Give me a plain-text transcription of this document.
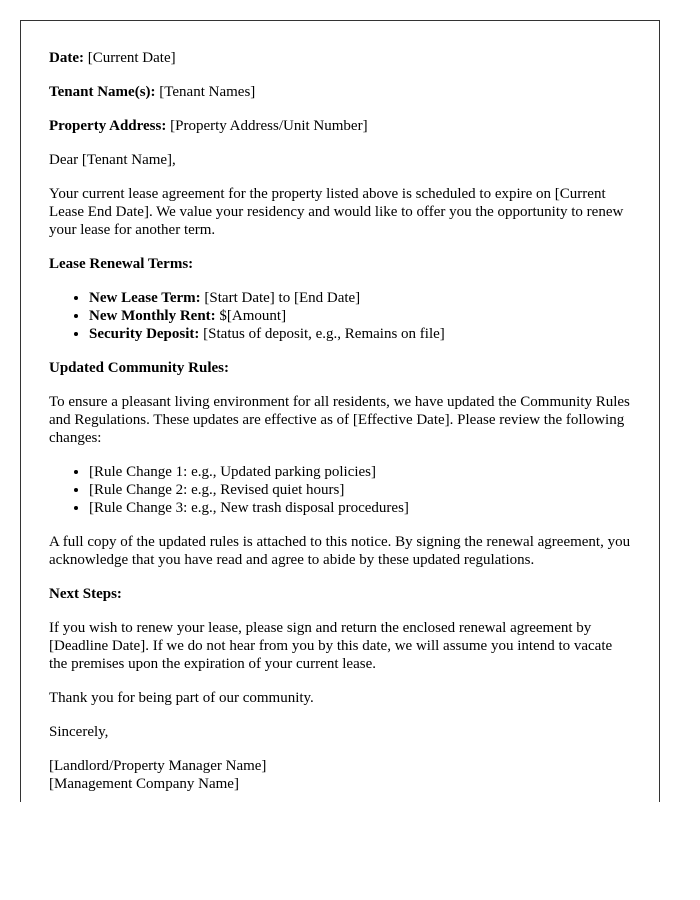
Date: [Current Date]

Tenant Name(s): [Tenant Names]

Property Address: [Property Address/Unit Number]

Dear [Tenant Name],

Your current lease agreement for the property listed above is scheduled to expire on [Current Lease End Date]. We value your residency and would like to offer you the opportunity to renew your lease for another term.

Lease Renewal Terms:

• New Lease Term: [Start Date] to [End Date]
• New Monthly Rent: $[Amount]
• Security Deposit: [Status of deposit, e.g., Remains on file]

Updated Community Rules:

To ensure a pleasant living environment for all residents, we have updated the Community Rules and Regulations. These updates are effective as of [Effective Date]. Please review the following changes:

• [Rule Change 1: e.g., Updated parking policies]
• [Rule Change 2: e.g., Revised quiet hours]
• [Rule Change 3: e.g., New trash disposal procedures]

A full copy of the updated rules is attached to this notice. By signing the renewal agreement, you acknowledge that you have read and agree to abide by these updated regulations.

Next Steps:

If you wish to renew your lease, please sign and return the enclosed renewal agreement by [Deadline Date]. If we do not hear from you by this date, we will assume you intend to vacate the premises upon the expiration of your current lease.

Thank you for being part of our community.

Sincerely,

[Landlord/Property Manager Name]
[Management Company Name]
